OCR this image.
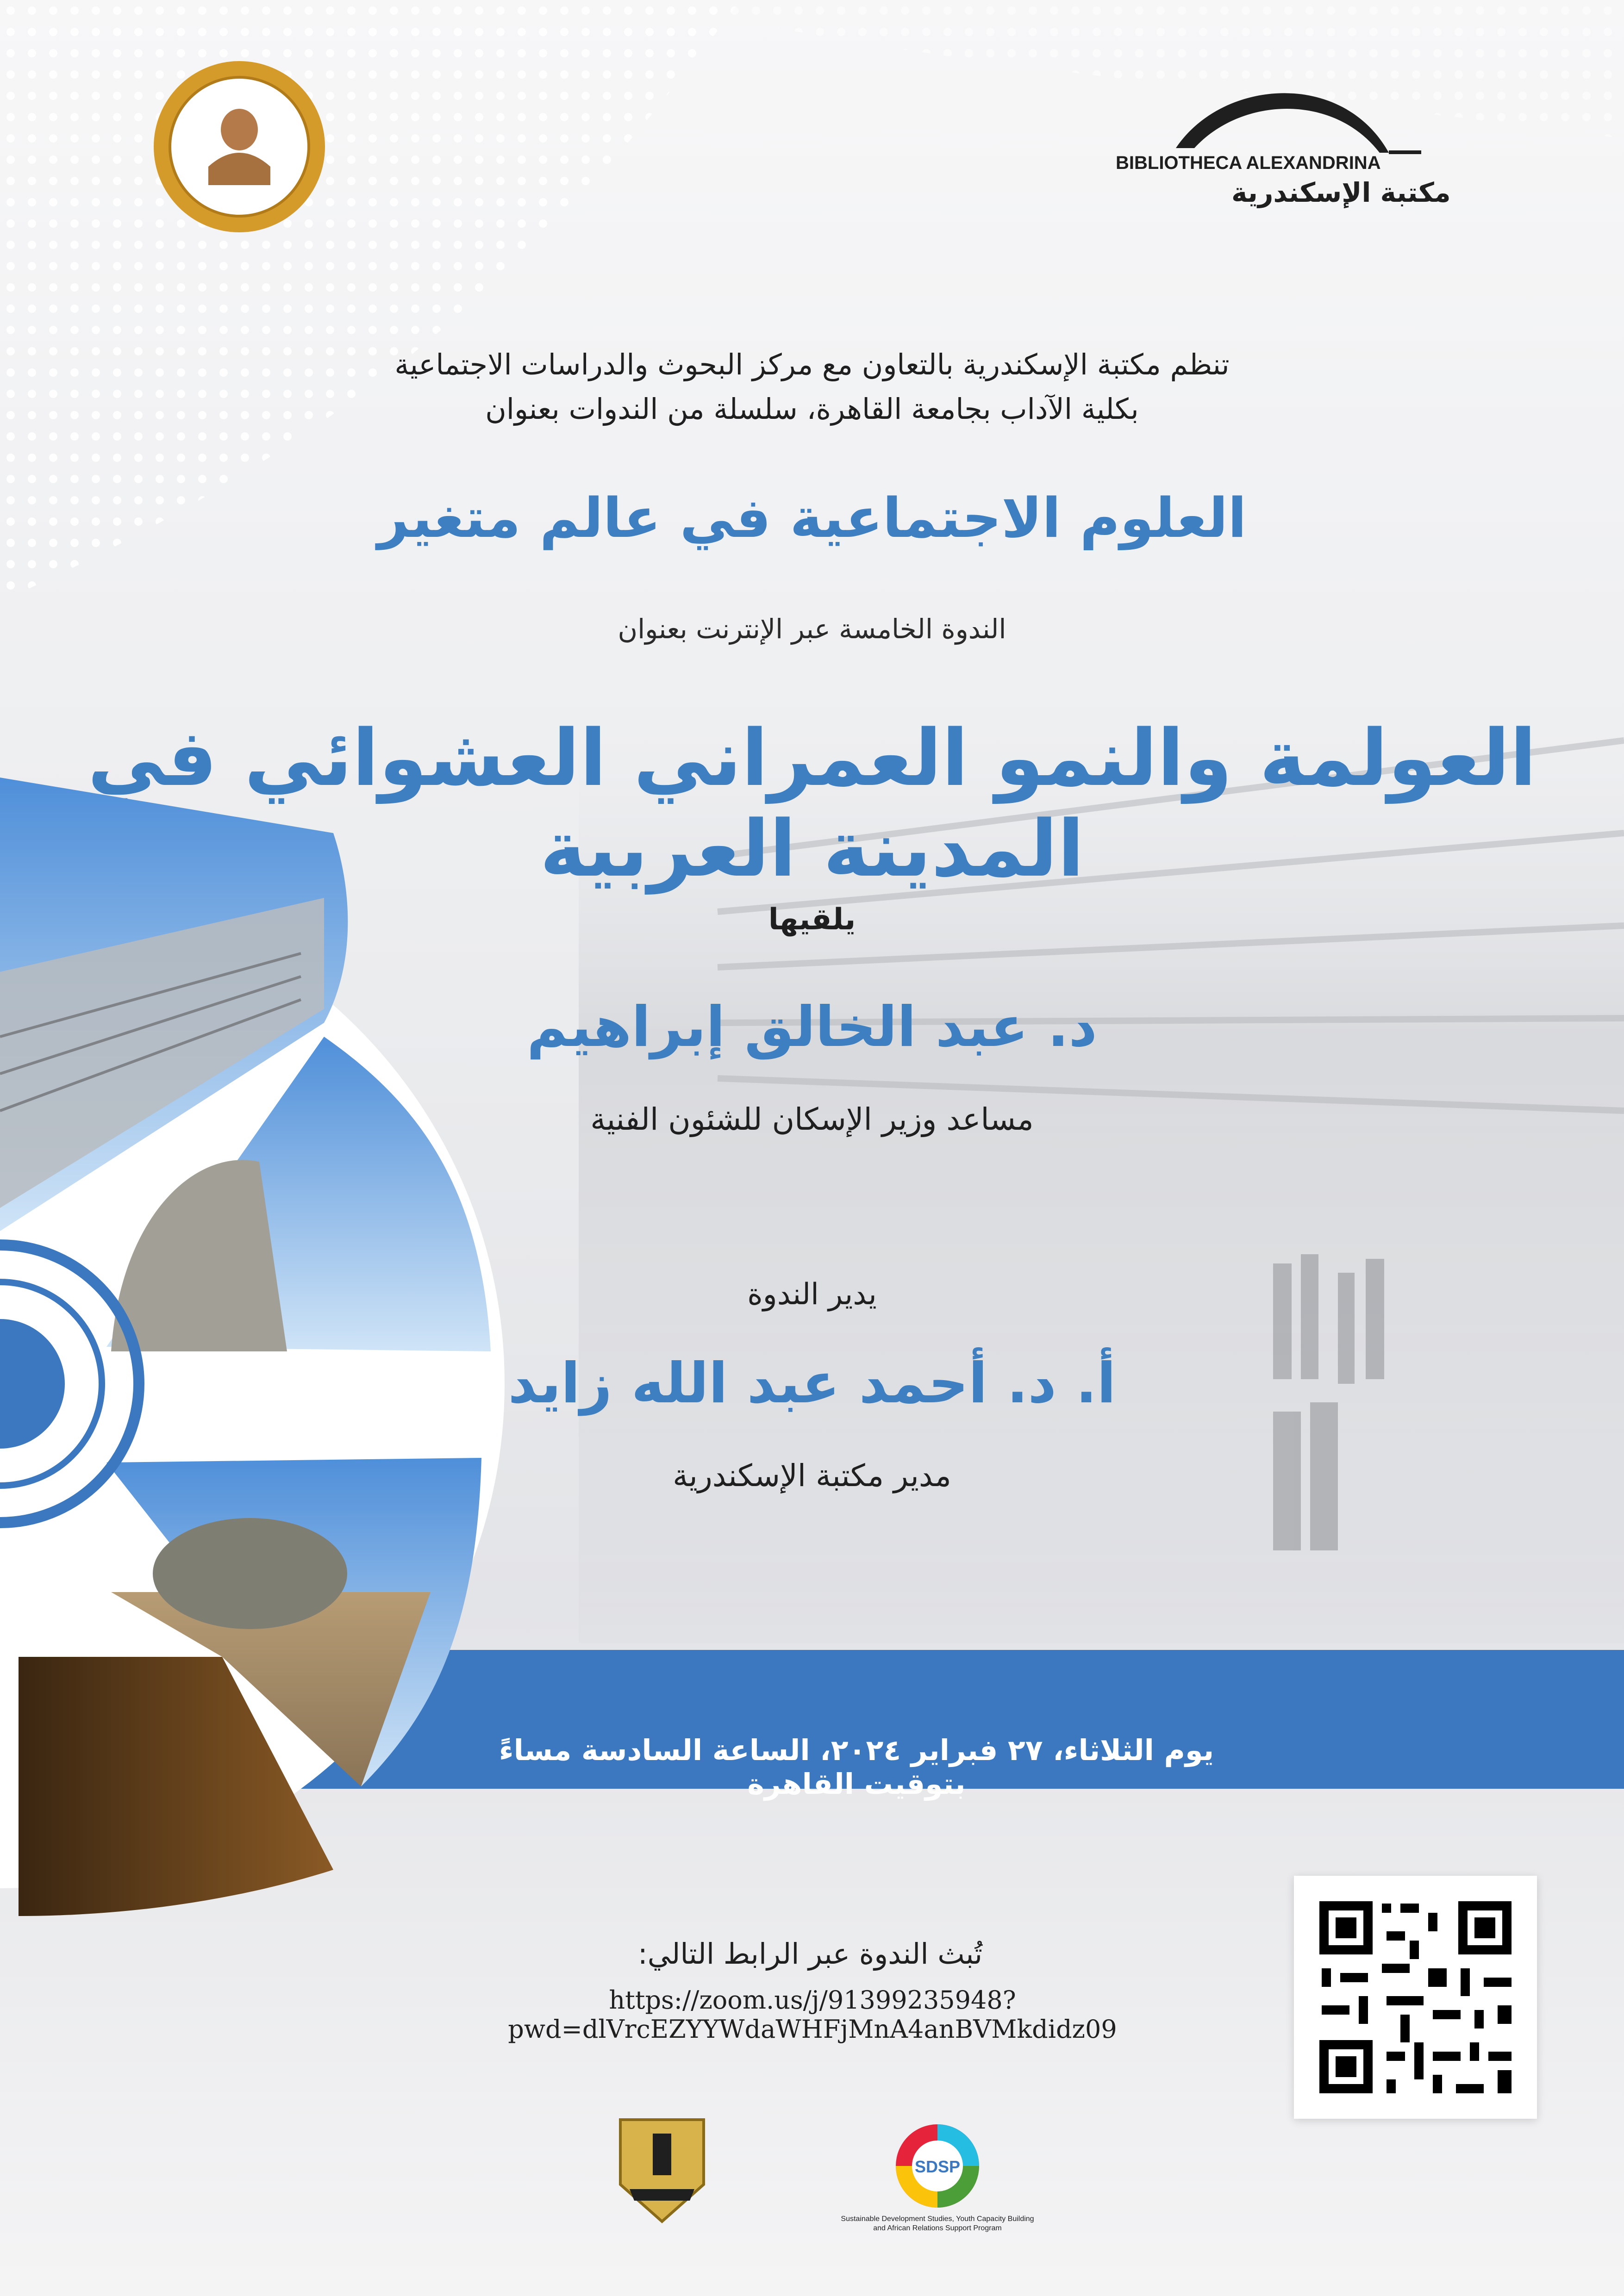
BIBLIOTHECA ALEXANDRINA
مكتبة الإسكندرية
تنظم مكتبة الإسكندرية بالتعاون مع مركز البحوث والدراسات الاجتماعية
بكلية الآداب بجامعة القاهرة، سلسلة من الندوات بعنوان
العلوم الاجتماعية في عالم متغير
الندوة الخامسة عبر الإنترنت بعنوان
العولمة والنمو العمراني العشوائي في المدينة العربية
يلقيها
د. عبد الخالق إبراهيم
مساعد وزير الإسكان للشئون الفنية
يدير الندوة
أ. د. أحمد عبد الله زايد
مدير مكتبة الإسكندرية
يوم الثلاثاء، ٢٧ فبراير ٢٠٢٤، الساعة السادسة مساءً بتوقيت القاهرة
تُبث الندوة عبر الرابط التالي:
https://zoom.us/j/91399235948?pwd=dlVrcEZYYWdaWHFjMnA4anBVMkdidz09
SDSP
Sustainable Development Studies, Youth Capacity Building and African Relations Support Program
